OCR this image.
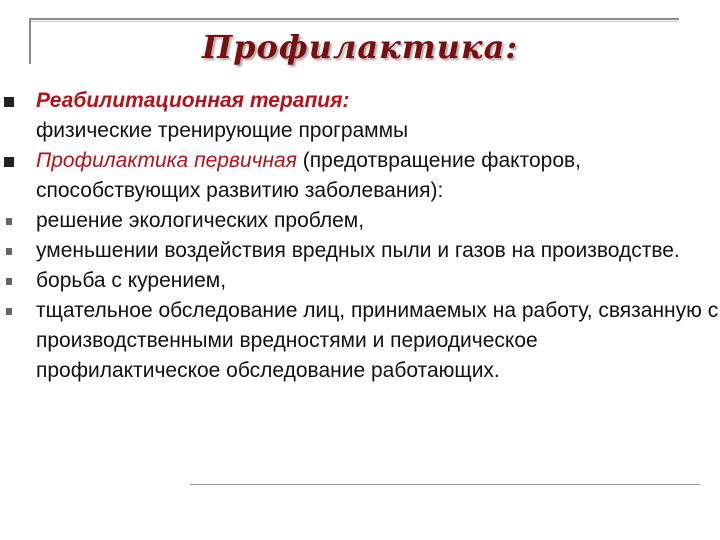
Профилактика:
Реабилитационная терапия:
физические тренирующие программы
Профилактика первичная (предотвращение факторов, способствующих развитию заболевания):
решение экологических проблем,
уменьшении воздействия вредных пыли и газов на производстве.
борьба с курением,
тщательное обследование лиц, принимаемых на работу, связанную с производственными вредностями и периодическое профилактическое обследование работающих.
